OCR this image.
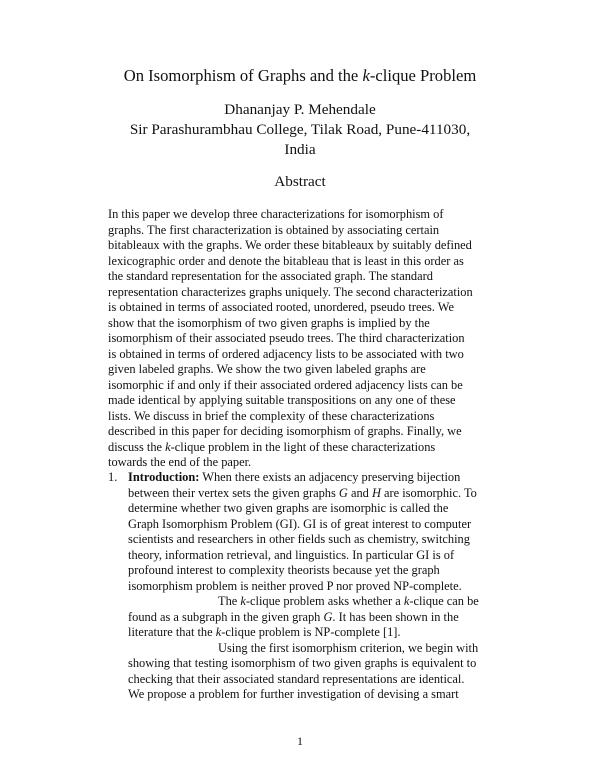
On Isomorphism of Graphs and the k-clique Problem
Dhananjay P. Mehendale
Sir Parashurambhau College, Tilak Road, Pune-411030,
India
Abstract
In this paper we develop three characterizations for isomorphism of
graphs. The first characterization is obtained by associating certain
bitableaux with the graphs. We order these bitableaux by suitably defined
lexicographic order and denote the bitableau that is least in this order as
the standard representation for the associated graph. The standard
representation characterizes graphs uniquely. The second characterization
is obtained in terms of associated rooted, unordered, pseudo trees. We
show that the isomorphism of two given graphs is implied by the
isomorphism of their associated pseudo trees. The third characterization
is obtained in terms of ordered adjacency lists to be associated with two
given labeled graphs. We show the two given labeled graphs are
isomorphic if and only if their associated ordered adjacency lists can be
made identical by applying suitable transpositions on any one of these
lists. We discuss in brief the complexity of these characterizations
described in this paper for deciding isomorphism of graphs. Finally, we
discuss the k-clique problem in the light of these characterizations
towards the end of the paper.
1. Introduction: When there exists an adjacency preserving bijection
between their vertex sets the given graphs G and H are isomorphic. To
determine whether two given graphs are isomorphic is called the
Graph Isomorphism Problem (GI). GI is of great interest to computer
scientists and researchers in other fields such as chemistry, switching
theory, information retrieval, and linguistics. In particular GI is of
profound interest to complexity theorists because yet the graph
isomorphism problem is neither proved P nor proved NP-complete.
The k-clique problem asks whether a k-clique can be
found as a subgraph in the given graph G. It has been shown in the
literature that the k-clique problem is NP-complete [1].
Using the first isomorphism criterion, we begin with
showing that testing isomorphism of two given graphs is equivalent to
checking that their associated standard representations are identical.
We propose a problem for further investigation of devising a smart
1
